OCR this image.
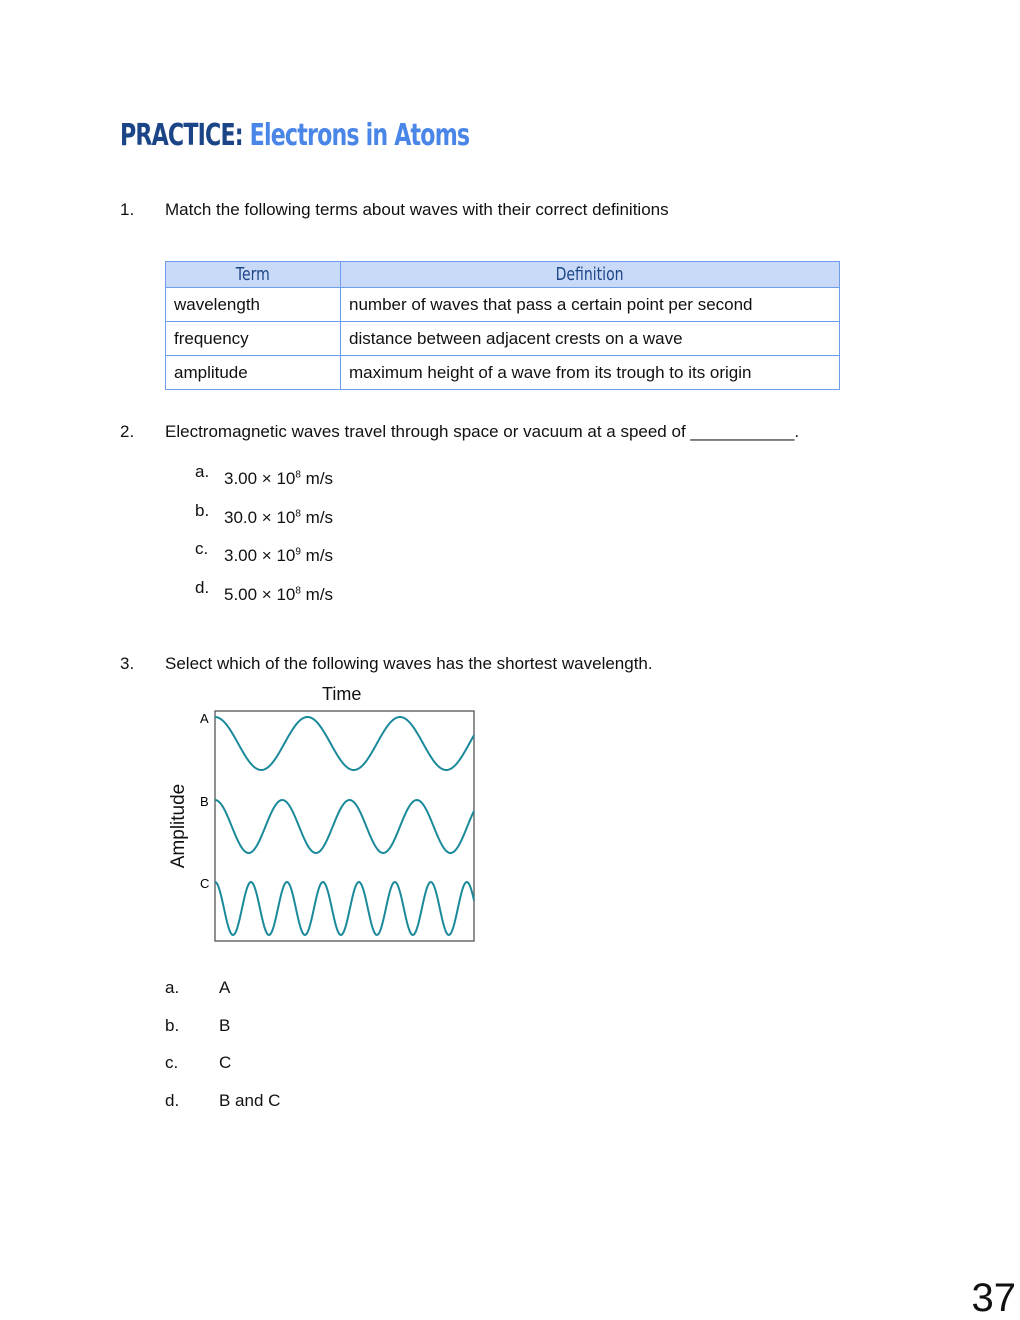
PRACTICE: Electrons in Atoms
1. Match the following terms about waves with their correct definitions
Term	Definition
wavelength	number of waves that pass a certain point per second
frequency	distance between adjacent crests on a wave
amplitude	maximum height of a wave from its trough to its origin
2. Electromagnetic waves travel through space or vacuum at a speed of ___________.
a. $3.00 \times 10^8$ m/s
b. $30.0 \times 10^8$ m/s
c. $3.00 \times 10^9$ m/s
d. $5.00 \times 10^8$ m/s
3. Select which of the following waves has the shortest wavelength.
Time
Amplitude
A
B
C
a. A
b. B
c. C
d. B and C
37
